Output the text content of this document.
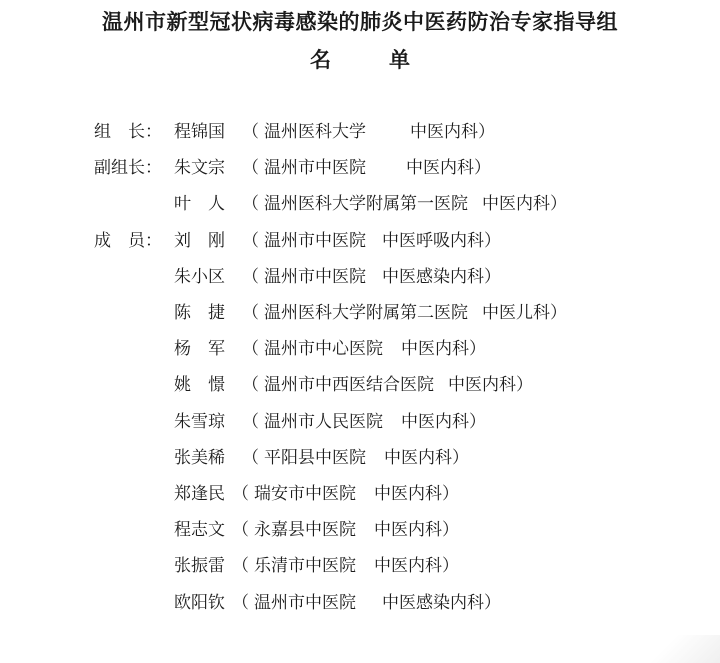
温州市新型冠状病毒感染的肺炎中医药防治专家指导组
名	单
组　长： 程锦国 （ 温州医科大学	中医内科）
副组长： 朱文宗 （ 温州市中医院 中医内科）
叶　人 （ 温州医科大学附属第一医院 中医内科）
成　员： 刘　刚 （ 温州市中医院 中医呼吸内科）
朱小区 （ 温州市中医院 中医感染内科）
陈　捷 （ 温州医科大学附属第二医院 中医儿科）
杨　军 （ 温州市中心医院 中医内科）
姚　憬 （ 温州市中西医结合医院 中医内科）
朱雪琼 （ 温州市人民医院 中医内科）
张美稀 （ 平阳县中医院 中医内科）
郑逢民 （ 瑞安市中医院 中医内科）
程志文 （ 永嘉县中医院 中医内科）
张振雷 （ 乐清市中医院 中医内科）
欧阳钦 （ 温州市中医院 中医感染内科）
